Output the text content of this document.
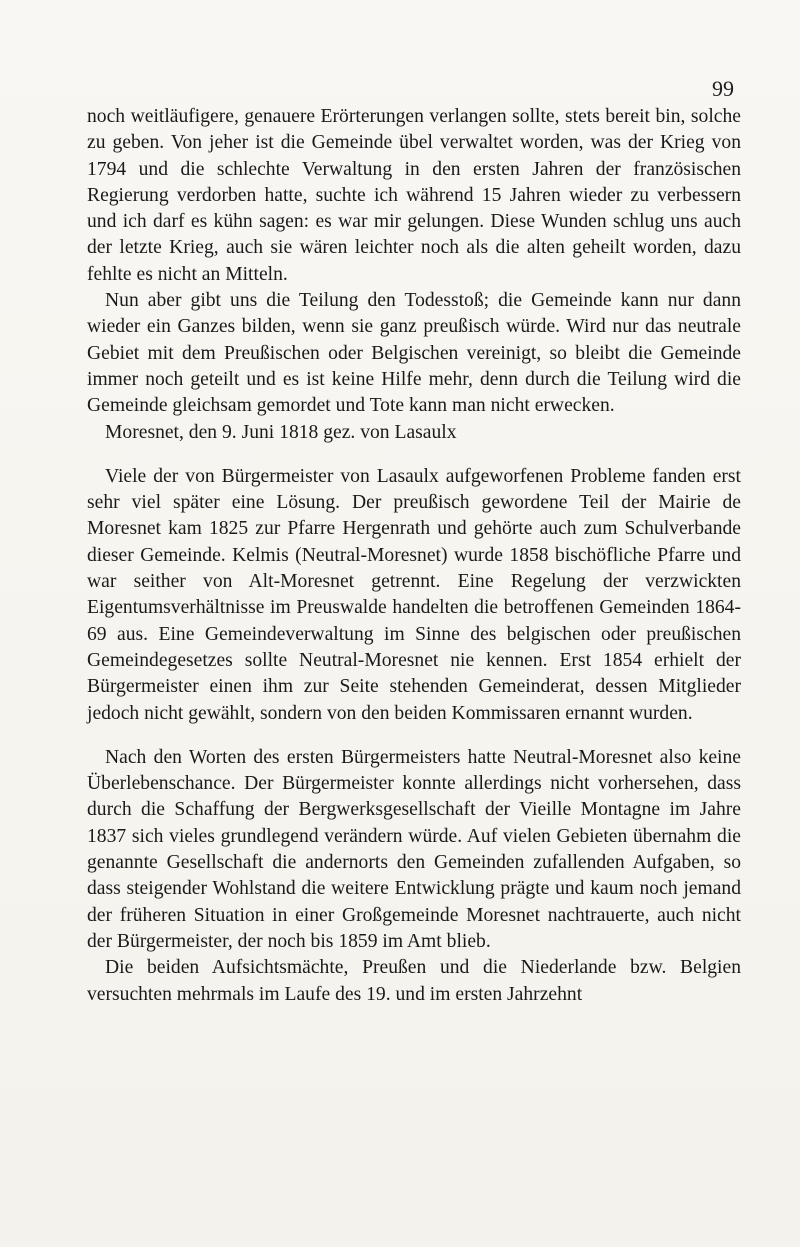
99

noch weitläufigere, genauere Erörterungen verlangen sollte, stets bereit bin, solche zu geben. Von jeher ist die Gemeinde übel verwaltet worden, was der Krieg von 1794 und die schlechte Verwaltung in den ersten Jahren der französischen Regierung verdorben hatte, suchte ich während 15 Jahren wieder zu verbessern und ich darf es kühn sagen: es war mir gelungen. Diese Wunden schlug uns auch der letzte Krieg, auch sie wären leichter noch als die alten geheilt worden, dazu fehlte es nicht an Mitteln.

Nun aber gibt uns die Teilung den Todesstoß; die Gemeinde kann nur dann wieder ein Ganzes bilden, wenn sie ganz preußisch würde. Wird nur das neutrale Gebiet mit dem Preußischen oder Belgischen vereinigt, so bleibt die Gemeinde immer noch geteilt und es ist keine Hilfe mehr, denn durch die Teilung wird die Gemeinde gleichsam gemordet und Tote kann man nicht erwecken.

Moresnet, den 9. Juni 1818 gez. von Lasaulx

Viele der von Bürgermeister von Lasaulx aufgeworfenen Probleme fanden erst sehr viel später eine Lösung. Der preußisch gewordene Teil der Mairie de Moresnet kam 1825 zur Pfarre Hergenrath und gehörte auch zum Schulverbande dieser Gemeinde. Kelmis (Neutral-Moresnet) wurde 1858 bischöfliche Pfarre und war seither von Alt-Moresnet getrennt. Eine Regelung der verzwickten Eigentumsverhältnisse im Preuswalde handelten die betroffenen Gemeinden 1864-69 aus. Eine Gemeindeverwaltung im Sinne des belgischen oder preußischen Gemeindegesetzes sollte Neutral-Moresnet nie kennen. Erst 1854 erhielt der Bürgermeister einen ihm zur Seite stehenden Gemeinderat, dessen Mitglieder jedoch nicht gewählt, sondern von den beiden Kommissaren ernannt wurden.

Nach den Worten des ersten Bürgermeisters hatte Neutral-Moresnet also keine Überlebenschance. Der Bürgermeister konnte allerdings nicht vorhersehen, dass durch die Schaffung der Bergwerksgesellschaft der Vieille Montagne im Jahre 1837 sich vieles grundlegend verändern würde. Auf vielen Gebieten übernahm die genannte Gesellschaft die andernorts den Gemeinden zufallenden Aufgaben, so dass steigender Wohlstand die weitere Entwicklung prägte und kaum noch jemand der früheren Situation in einer Großgemeinde Moresnet nachtrauerte, auch nicht der Bürgermeister, der noch bis 1859 im Amt blieb.

Die beiden Aufsichtsmächte, Preußen und die Niederlande bzw. Belgien versuchten mehrmals im Laufe des 19. und im ersten Jahrzehnt
